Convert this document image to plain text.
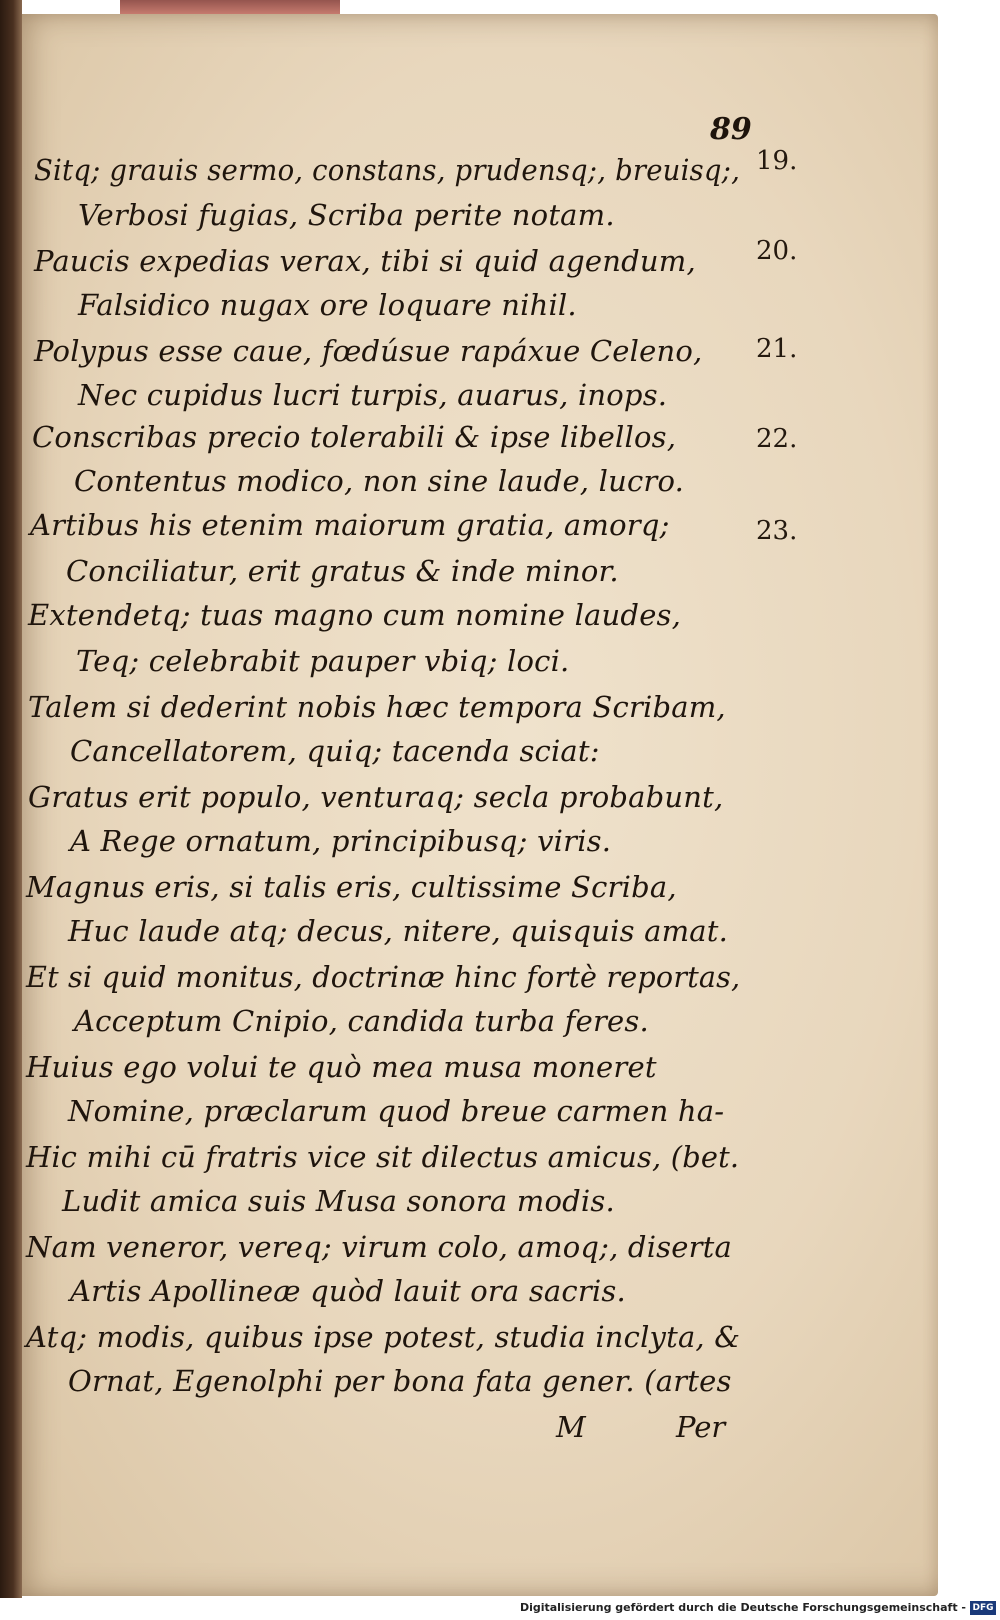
89
19.
20.
21.
22.
23.
Sitq; grauis sermo, constans, prudensq;, breuisq;,
Verbosi fugias, Scriba perite notam.
Paucis expedias verax, tibi si quid agendum,
Falsidico nugax ore loquare nihil.
Polypus esse caue, fœdúsue rapáxue Celeno,
Nec cupidus lucri turpis, auarus, inops.
Conscribas precio tolerabili & ipse libellos,
Contentus modico, non sine laude, lucro.
Artibus his etenim maiorum gratia, amorq;
Conciliatur, erit gratus & inde minor.
Extendetq; tuas magno cum nomine laudes,
Teq; celebrabit pauper vbiq; loci.
Talem si dederint nobis hæc tempora Scribam,
Cancellatorem, quiq; tacenda sciat:
Gratus erit populo, venturaq; secla probabunt,
A Rege ornatum, principibusq; viris.
Magnus eris, si talis eris, cultissime Scriba,
Huc laude atq; decus, nitere, quisquis amat.
Et si quid monitus, doctrinæ hinc fortè reportas,
Acceptum Cnipio, candida turba feres.
Huius ego volui te quò mea musa moneret
Nomine, præclarum quod breue carmen ha-
Hic mihi cū fratris vice sit dilectus amicus, (bet.
Ludit amica suis Musa sonora modis.
Nam veneror, vereq; virum colo, amoq;, diserta
Artis Apollineæ quòd lauit ora sacris.
Atq; modis, quibus ipse potest, studia inclyta, &
Ornat, Egenolphi per bona fata gener. (artes
M	Per
Digitalisierung gefördert durch die Deutsche Forschungsgemeinschaft - DFG
